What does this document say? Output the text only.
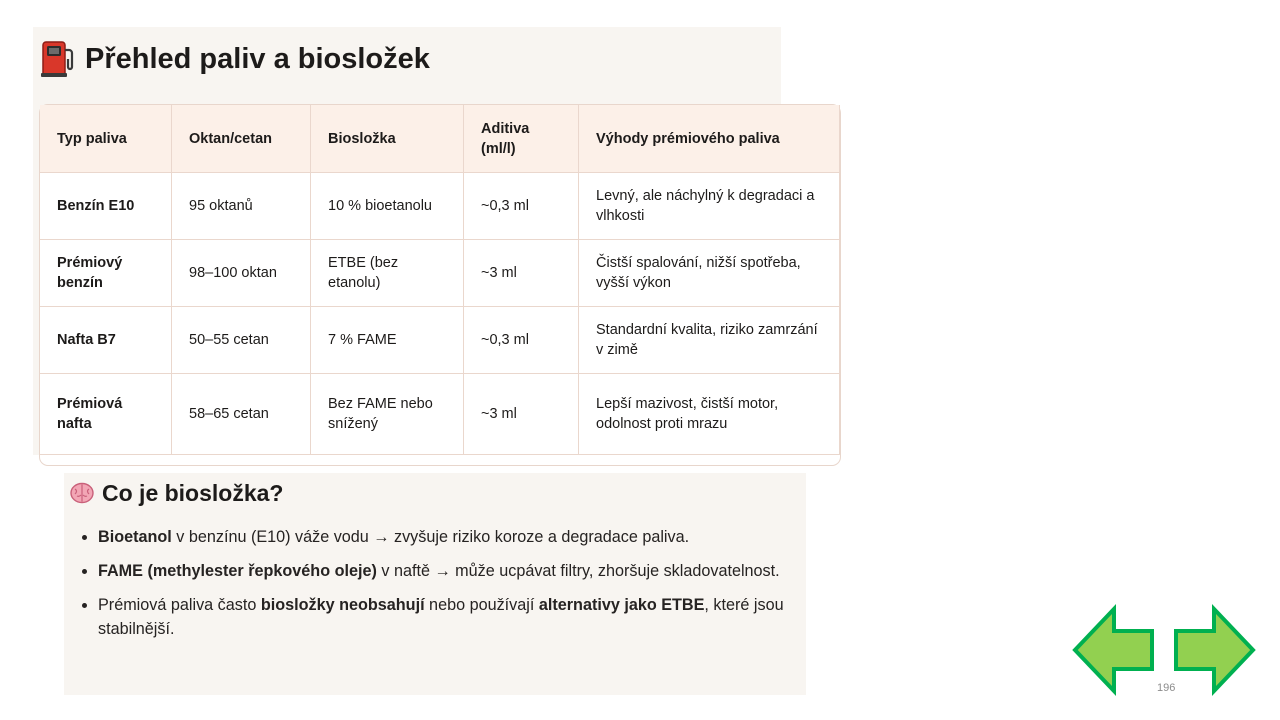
Přehled paliv a biosložek
Typ paliva	Oktan/cetan	Biosložka	Aditiva (ml/l)	Výhody prémiového paliva
Benzín E10	95 oktanů	10 % bioetanolu	~0,3 ml	Levný, ale náchylný k degradaci a vlhkosti
Prémiový benzín	98–100 oktan	ETBE (bez etanolu)	~3 ml	Čistší spalování, nižší spotřeba, vyšší výkon
Nafta B7	50–55 cetan	7 % FAME	~0,3 ml	Standardní kvalita, riziko zamrzání v zimě
Prémiová nafta	58–65 cetan	Bez FAME nebo snížený	~3 ml	Lepší mazivost, čistší motor, odolnost proti mrazu
Co je biosložka?
• Bioetanol v benzínu (E10) váže vodu → zvyšuje riziko koroze a degradace paliva.
• FAME (methylester řepkového oleje) v naftě → může ucpávat filtry, zhoršuje skladovatelnost.
• Prémiová paliva často biosložky neobsahují nebo používají alternativy jako ETBE, které jsou stabilnější.
196
